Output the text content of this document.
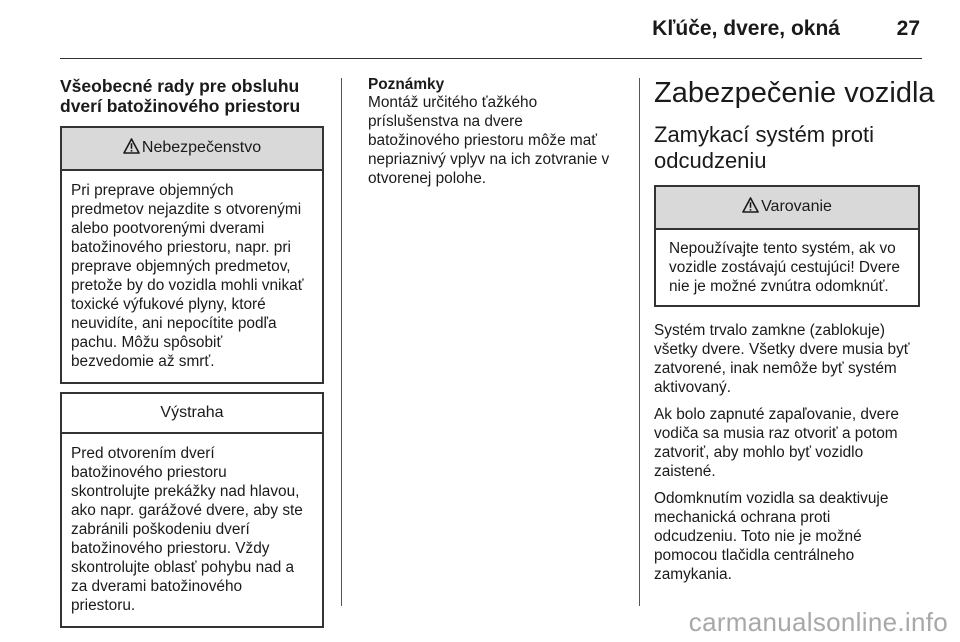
Kľúče, dvere, okná	27
Všeobecné rady pre obsluhu
dverí batožinového priestoru
Nebezpečenstvo
Pri preprave objemných
predmetov nejazdite s otvorenými
alebo pootvorenými dverami
batožinového priestoru, napr. pri
preprave objemných predmetov,
pretože by do vozidla mohli vnikať
toxické výfukové plyny, ktoré
neuvidíte, ani nepocítite podľa
pachu. Môžu spôsobiť
bezvedomie až smrť.
Výstraha
Pred otvorením dverí
batožinového priestoru
skontrolujte prekážky nad hlavou,
ako napr. garážové dvere, aby ste
zabránili poškodeniu dverí
batožinového priestoru. Vždy
skontrolujte oblasť pohybu nad a
za dverami batožinového
priestoru.
Poznámky
Montáž určitého ťažkého
príslušenstva na dvere
batožinového priestoru môže mať
nepriaznivý vplyv na ich zotvranie v
otvorenej polohe.
Zabezpečenie vozidla
Zamykací systém proti
odcudzeniu
Varovanie
Nepoužívajte tento systém, ak vo
vozidle zostávajú cestujúci! Dvere
nie je možné zvnútra odomknúť.
Systém trvalo zamkne (zablokuje)
všetky dvere. Všetky dvere musia byť
zatvorené, inak nemôže byť systém
aktivovaný.
Ak bolo zapnuté zapaľovanie, dvere
vodiča sa musia raz otvoriť a potom
zatvoriť, aby mohlo byť vozidlo
zaistené.
Odomknutím vozidla sa deaktivuje
mechanická ochrana proti
odcudzeniu. Toto nie je možné
pomocou tlačidla centrálneho
zamykania.
carmanualsonline.info
